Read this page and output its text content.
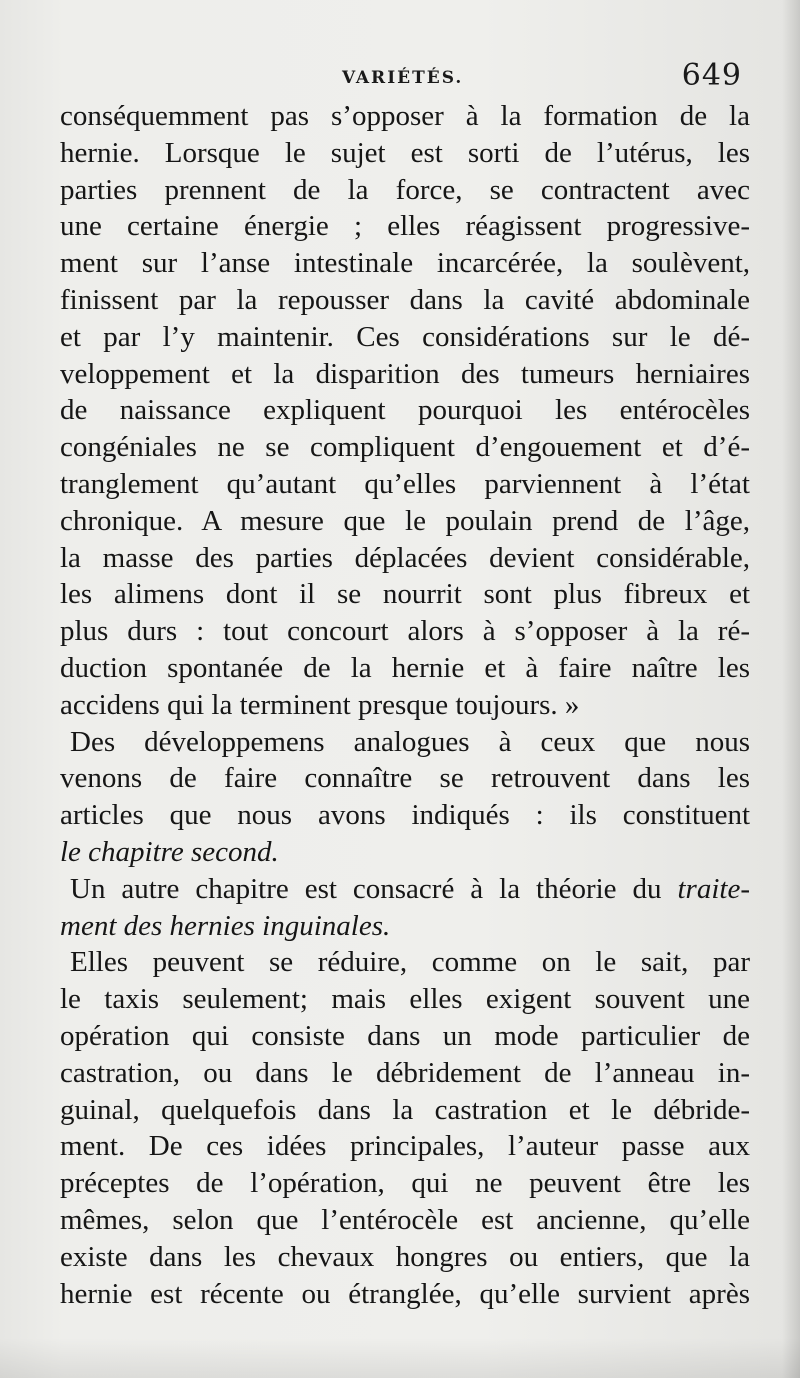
VARIÉTÉS.	649
conséquemment pas s’opposer à la formation de la
hernie. Lorsque le sujet est sorti de l’utérus, les
parties prennent de la force, se contractent avec
une certaine énergie ; elles réagissent progressive-
ment sur l’anse intestinale incarcérée, la soulèvent,
finissent par la repousser dans la cavité abdominale
et par l’y maintenir. Ces considérations sur le dé-
veloppement et la disparition des tumeurs herniaires
de naissance expliquent pourquoi les entérocèles
congéniales ne se compliquent d’engouement et d’é-
tranglement qu’autant qu’elles parviennent à l’état
chronique. A mesure que le poulain prend de l’âge,
la masse des parties déplacées devient considérable,
les alimens dont il se nourrit sont plus fibreux et
plus durs : tout concourt alors à s’opposer à la ré-
duction spontanée de la hernie et à faire naître les
accidens qui la terminent presque toujours. »
Des développemens analogues à ceux que nous
venons de faire connaître se retrouvent dans les
articles que nous avons indiqués : ils constituent
le chapitre second.
Un autre chapitre est consacré à la théorie du traite-
ment des hernies inguinales.
Elles peuvent se réduire, comme on le sait, par
le taxis seulement; mais elles exigent souvent une
opération qui consiste dans un mode particulier de
castration, ou dans le débridement de l’anneau in-
guinal, quelquefois dans la castration et le débride-
ment. De ces idées principales, l’auteur passe aux
préceptes de l’opération, qui ne peuvent être les
mêmes, selon que l’entérocèle est ancienne, qu’elle
existe dans les chevaux hongres ou entiers, que la
hernie est récente ou étranglée, qu’elle survient après
